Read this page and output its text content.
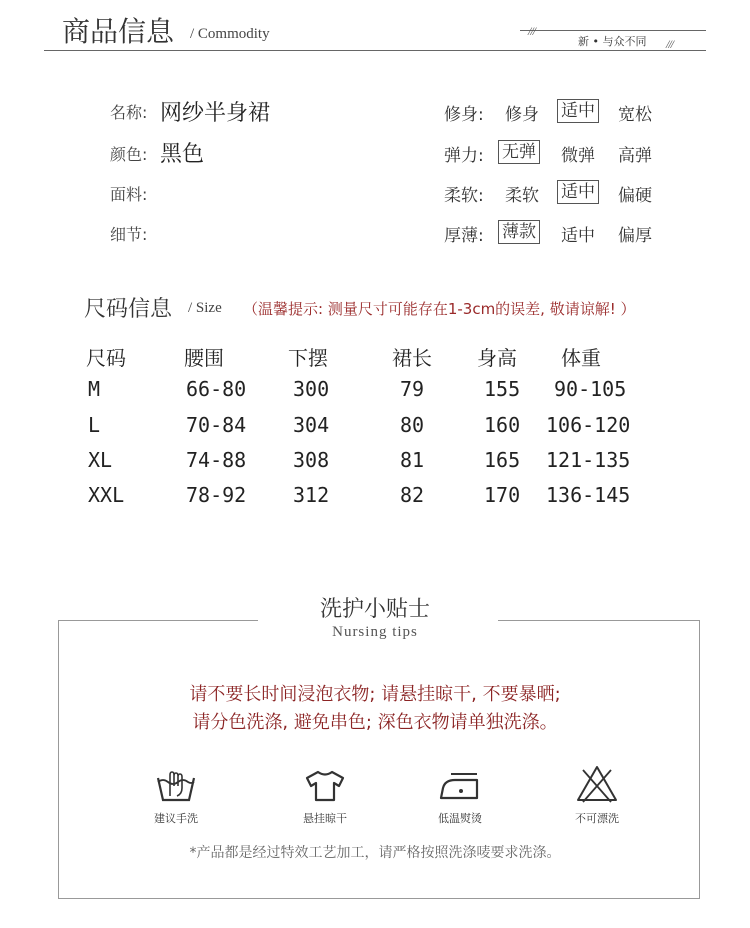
商品信息 / Commodity	///
新 • 与众不同 ///
名称: 网纱半身裙
颜色: 黑色
面料:
细节:
修身: 修身 适中 宽松
弹力: 无弹 微弹 高弹
柔软: 柔软 适中 偏硬
厚薄: 薄款 适中 偏厚
尺码信息 / Size （温馨提示: 测量尺寸可能存在1-3cm的误差, 敬请谅解! ）
尺码	腰围	下摆	裙长 身高 体重
M	66-80 300	79	155 90-105
L	70-84 304	80	160 106-120
XL	74-88 308	81	165 121-135
XXL	78-92 312	82	170 136-145
洗护小贴士
Nursing tips
请不要长时间浸泡衣物; 请悬挂晾干, 不要暴晒;
请分色洗涤, 避免串色; 深色衣物请单独洗涤。
建议手洗	悬挂晾干	低温熨烫	不可漂洗
*产品都是经过特效工艺加工，请严格按照洗涤唛要求洗涤。
